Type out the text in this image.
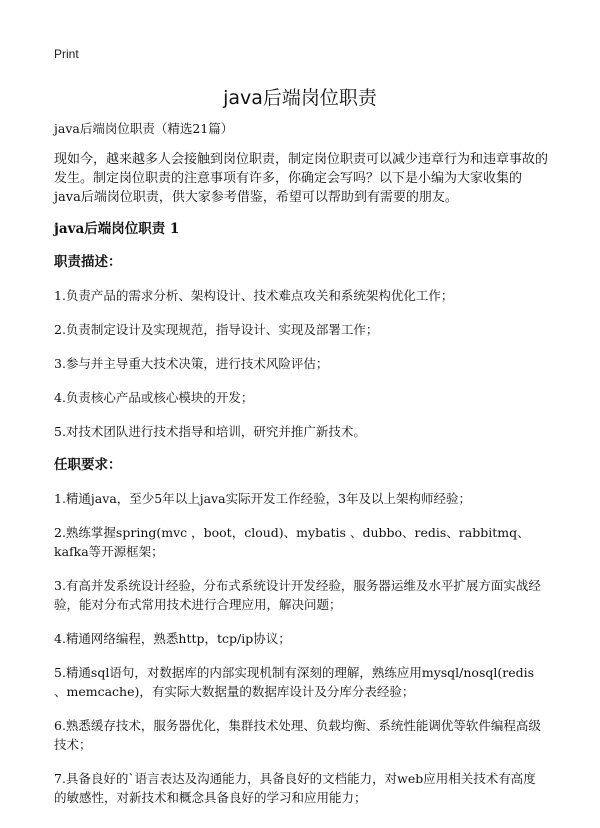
Print
java后端岗位职责
java后端岗位职责（精选21篇）
现如今，越来越多人会接触到岗位职责，制定岗位职责可以减少违章行为和违章事故的发生。制定岗位职责的注意事项有许多，你确定会写吗？以下是小编为大家收集的java后端岗位职责，供大家参考借鉴，希望可以帮助到有需要的朋友。
java后端岗位职责 1
职责描述：
1.负责产品的需求分析、架构设计、技术难点攻关和系统架构优化工作；
2.负责制定设计及实现规范，指导设计、实现及部署工作；
3.参与并主导重大技术决策，进行技术风险评估；
4.负责核心产品或核心模块的开发；
5.对技术团队进行技术指导和培训，研究并推广新技术。
任职要求：
1.精通java，至少5年以上java实际开发工作经验，3年及以上架构师经验；
2.熟练掌握spring(mvc ，boot，cloud)、mybatis 、dubbo、redis、rabbitmq、kafka等开源框架；
3.有高并发系统设计经验，分布式系统设计开发经验，服务器运维及水平扩展方面实战经验，能对分布式常用技术进行合理应用，解决问题；
4.精通网络编程，熟悉http，tcp/ip协议；
5.精通sql语句，对数据库的内部实现机制有深刻的理解，熟练应用mysql/nosql(redis 、memcache)，有实际大数据量的数据库设计及分库分表经验；
6.熟悉缓存技术，服务器优化，集群技术处理、负载均衡、系统性能调优等软件编程高级技术；
7.具备良好的`语言表达及沟通能力，具备良好的文档能力，对web应用相关技术有高度的敏感性，对新技术和概念具备良好的学习和应用能力；
